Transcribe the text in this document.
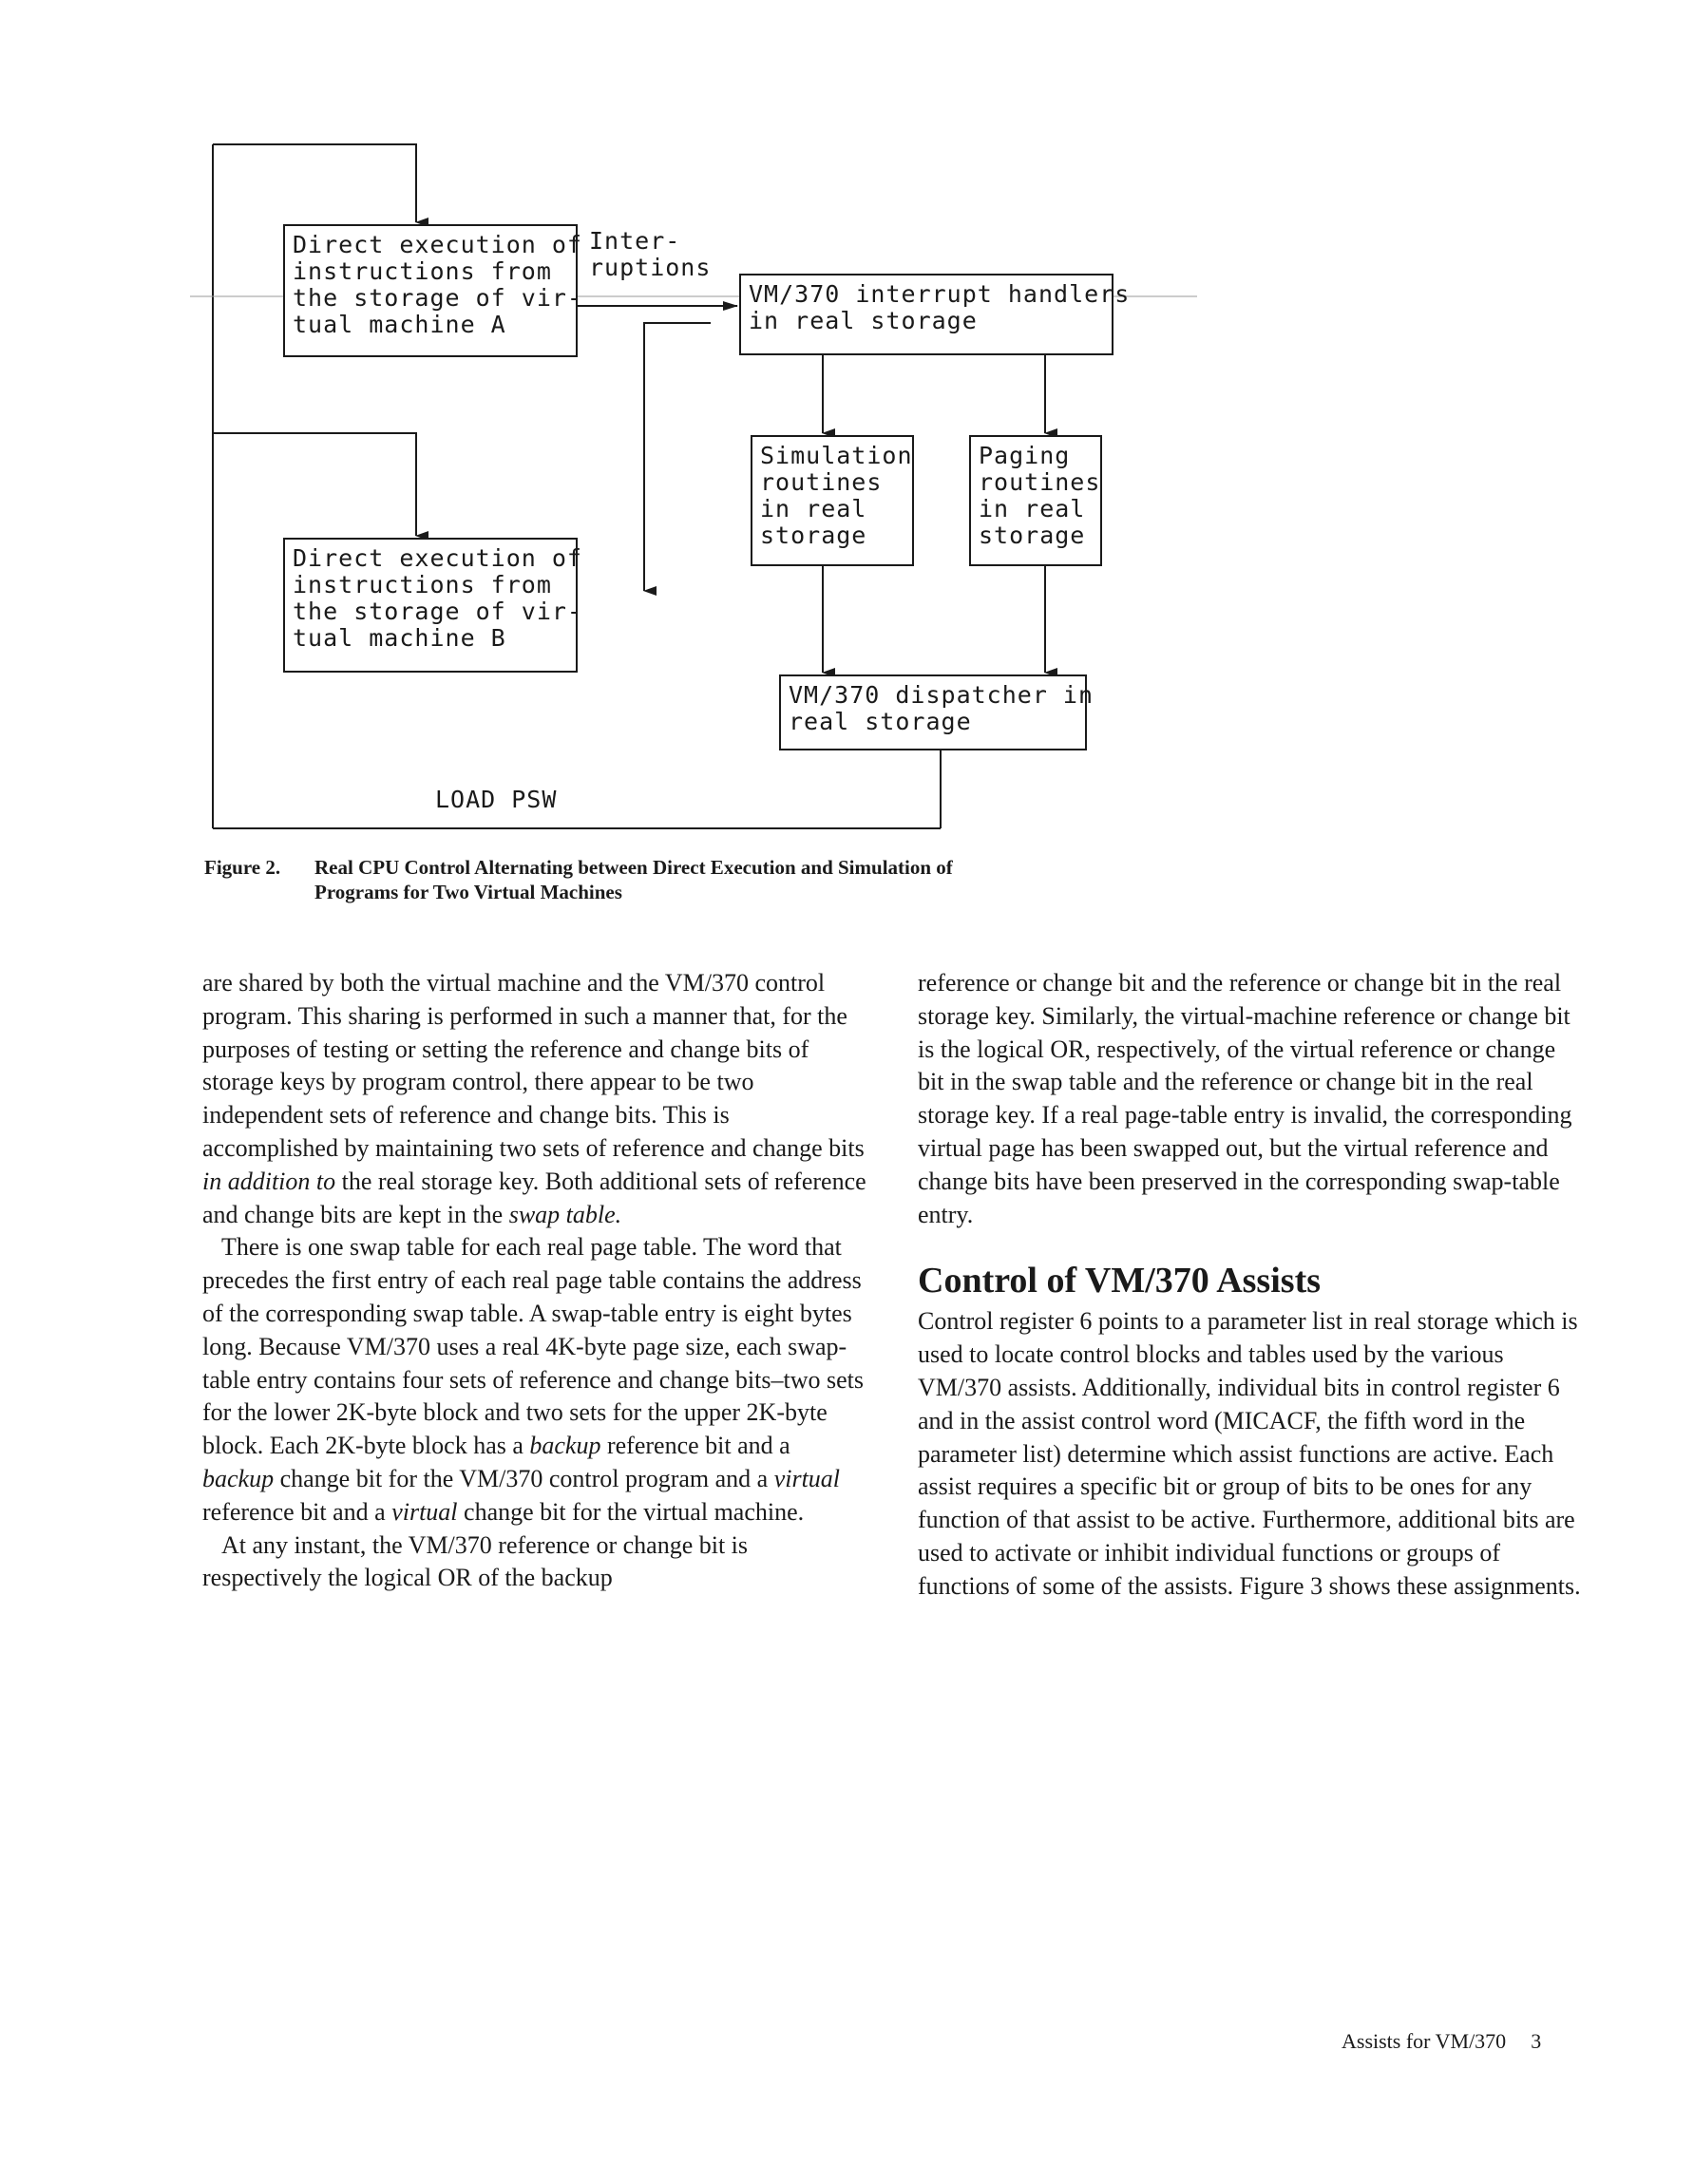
Direct execution of
instructions from
the storage of vir-
tual machine A
Inter-
ruptions
VM/370 interrupt handlers
in real storage
Simulation
routines
in real
storage
Paging
routines
in real
storage
Direct execution of
instructions from
the storage of vir-
tual machine B
VM/370 dispatcher in
real storage
LOAD PSW
Figure 2. Real CPU Control Alternating between Direct Execution and Simulation of
Programs for Two Virtual Machines

are shared by both the virtual machine and the VM/370 control program. This sharing is performed in such a manner that, for the purposes of testing or setting the reference and change bits of storage keys by program control, there appear to be two independent sets of reference and change bits. This is accomplished by maintaining two sets of reference and change bits in addition to the real storage key. Both additional sets of reference and change bits are kept in the swap table.

There is one swap table for each real page table. The word that precedes the first entry of each real page table contains the address of the corresponding swap table. A swap-table entry is eight bytes long. Because VM/370 uses a real 4K-byte page size, each swap-table entry contains four sets of reference and change bits–two sets for the lower 2K-byte block and two sets for the upper 2K-byte block. Each 2K-byte block has a backup reference bit and a backup change bit for the VM/370 control program and a virtual reference bit and a virtual change bit for the virtual machine.

At any instant, the VM/370 reference or change bit is respectively the logical OR of the backup

reference or change bit and the reference or change bit in the real storage key. Similarly, the virtual-machine reference or change bit is the logical OR, respectively, of the virtual reference or change bit in the swap table and the reference or change bit in the real storage key. If a real page-table entry is invalid, the corresponding virtual page has been swapped out, but the virtual reference and change bits have been preserved in the corresponding swap-table entry.

Control of VM/370 Assists

Control register 6 points to a parameter list in real storage which is used to locate control blocks and tables used by the various VM/370 assists. Additionally, individual bits in control register 6 and in the assist control word (MICACF, the fifth word in the parameter list) determine which assist functions are active. Each assist requires a specific bit or group of bits to be ones for any function of that assist to be active. Furthermore, additional bits are used to activate or inhibit individual functions or groups of functions of some of the assists. Figure 3 shows these assignments.

Assists for VM/370 3
